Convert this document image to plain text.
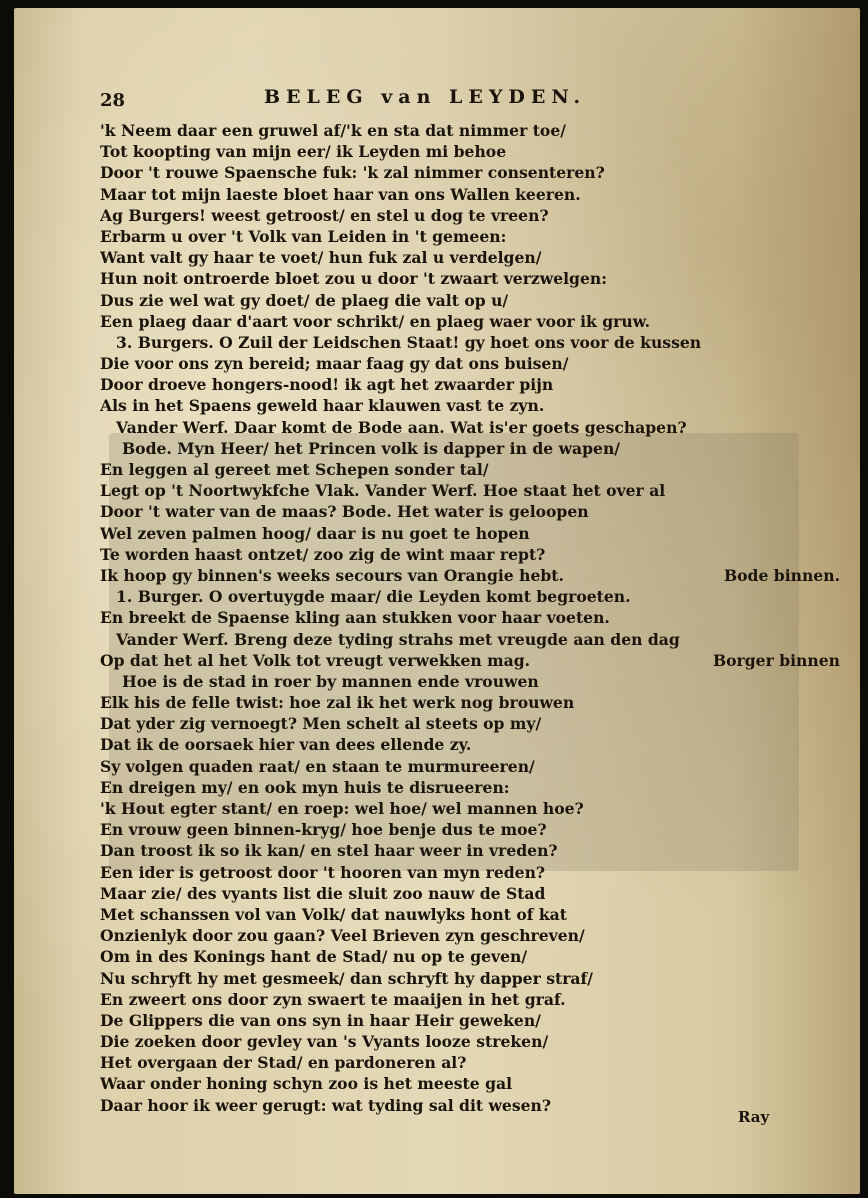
28	BELEG van LEYDEN.
'k Neem daar een gruwel af/'k en sta dat nimmer toe/
Tot koopting van mijn eer/ ik Leyden mi behoe
Door 't rouwe Spaensche fuk: 'k zal nimmer consenteren?
Maar tot mijn laeste bloet haar van ons Wallen keeren.
Ag Burgers! weest getroost/ en stel u dog te vreen?
Erbarm u over 't Volk van Leiden in 't gemeen:
Want valt gy haar te voet/ hun fuk zal u verdelgen/
Hun noit ontroerde bloet zou u door 't zwaart verzwelgen:
Dus zie wel wat gy doet/ de plaeg die valt op u/
Een plaeg daar d'aart voor schrikt/ en plaeg waer voor ik gruw.
3. Burgers. O Zuil der Leidschen Staat! gy hoet ons voor de kussen
Die voor ons zyn bereid; maar faag gy dat ons buisen/
Door droeve hongers-nood! ik agt het zwaarder pijn
Als in het Spaens geweld haar klauwen vast te zyn.
Vander Werf. Daar komt de Bode aan. Wat is'er goets geschapen?
Bode. Myn Heer/ het Princen volk is dapper in de wapen/
En leggen al gereet met Schepen sonder tal/
Legt op 't Noortwykfche Vlak. Vander Werf. Hoe staat het over al
Door 't water van de maas? Bode. Het water is geloopen
Wel zeven palmen hoog/ daar is nu goet te hopen
Te worden haast ontzet/ zoo zig de wint maar rept?
Ik hoop gy binnen's weeks secours van Orangie hebt.	Bode binnen.
1. Burger. O overtuygde maar/ die Leyden komt begroeten.
En breekt de Spaense kling aan stukken voor haar voeten.
Vander Werf. Breng deze tyding strahs met vreugde aan den dag
Op dat het al het Volk tot vreugt verwekken mag.	Borger binnen
Hoe is de stad in roer by mannen ende vrouwen
Elk his de felle twist: hoe zal ik het werk nog brouwen
Dat yder zig vernoegt? Men schelt al steets op my/
Dat ik de oorsaek hier van dees ellende zy.
Sy volgen quaden raat/ en staan te murmureeren/
En dreigen my/ en ook myn huis te disrueeren:
'k Hout egter stant/ en roep: wel hoe/ wel mannen hoe?
En vrouw geen binnen-kryg/ hoe benje dus te moe?
Dan troost ik so ik kan/ en stel haar weer in vreden?
Een ider is getroost door 't hooren van myn reden?
Maar zie/ des vyants list die sluit zoo nauw de Stad
Met schanssen vol van Volk/ dat nauwlyks hont of kat
Onzienlyk door zou gaan? Veel Brieven zyn geschreven/
Om in des Konings hant de Stad/ nu op te geven/
Nu schryft hy met gesmeek/ dan schryft hy dapper straf/
En zweert ons door zyn swaert te maaijen in het graf.
De Glippers die van ons syn in haar Heir geweken/
Die zoeken door gevley van 's Vyants looze streken/
Het overgaan der Stad/ en pardoneren al?
Waar onder honing schyn zoo is het meeste gal
Daar hoor ik weer gerugt: wat tyding sal dit wesen?
Ray
